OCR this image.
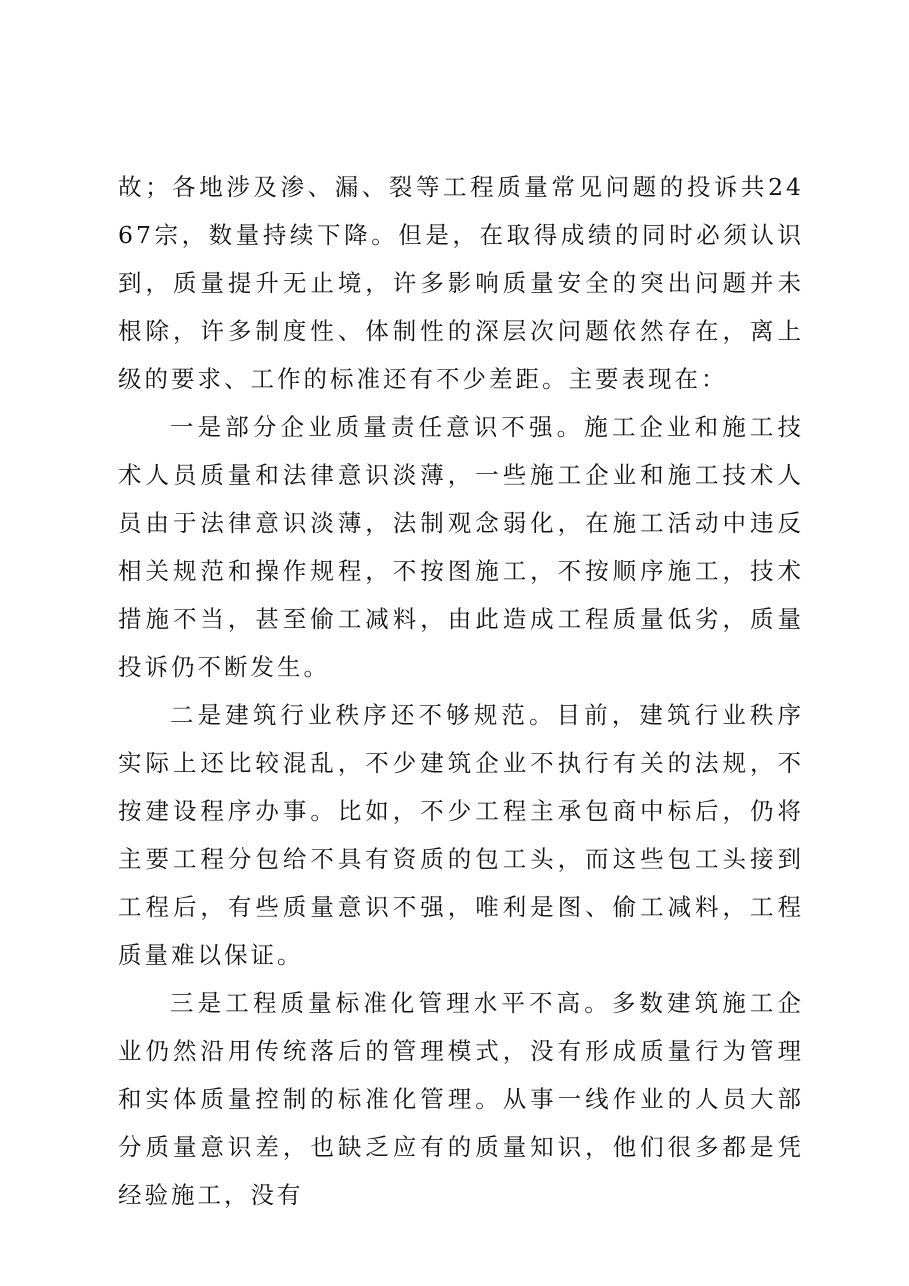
故；各地涉及渗、漏、裂等工程质量常见问题的投诉共2467宗，数量持续下降。但是，在取得成绩的同时必须认识到，质量提升无止境，许多影响质量安全的突出问题并未根除，许多制度性、体制性的深层次问题依然存在，离上级的要求、工作的标准还有不少差距。主要表现在：

一是部分企业质量责任意识不强。施工企业和施工技术人员质量和法律意识淡薄，一些施工企业和施工技术人员由于法律意识淡薄，法制观念弱化，在施工活动中违反相关规范和操作规程，不按图施工，不按顺序施工，技术措施不当，甚至偷工减料，由此造成工程质量低劣，质量投诉仍不断发生。

二是建筑行业秩序还不够规范。目前，建筑行业秩序实际上还比较混乱，不少建筑企业不执行有关的法规，不按建设程序办事。比如，不少工程主承包商中标后，仍将主要工程分包给不具有资质的包工头，而这些包工头接到工程后，有些质量意识不强，唯利是图、偷工减料，工程质量难以保证。

三是工程质量标准化管理水平不高。多数建筑施工企业仍然沿用传统落后的管理模式，没有形成质量行为管理和实体质量控制的标准化管理。从事一线作业的人员大部分质量意识差，也缺乏应有的质量知识，他们很多都是凭经验施工，没有
